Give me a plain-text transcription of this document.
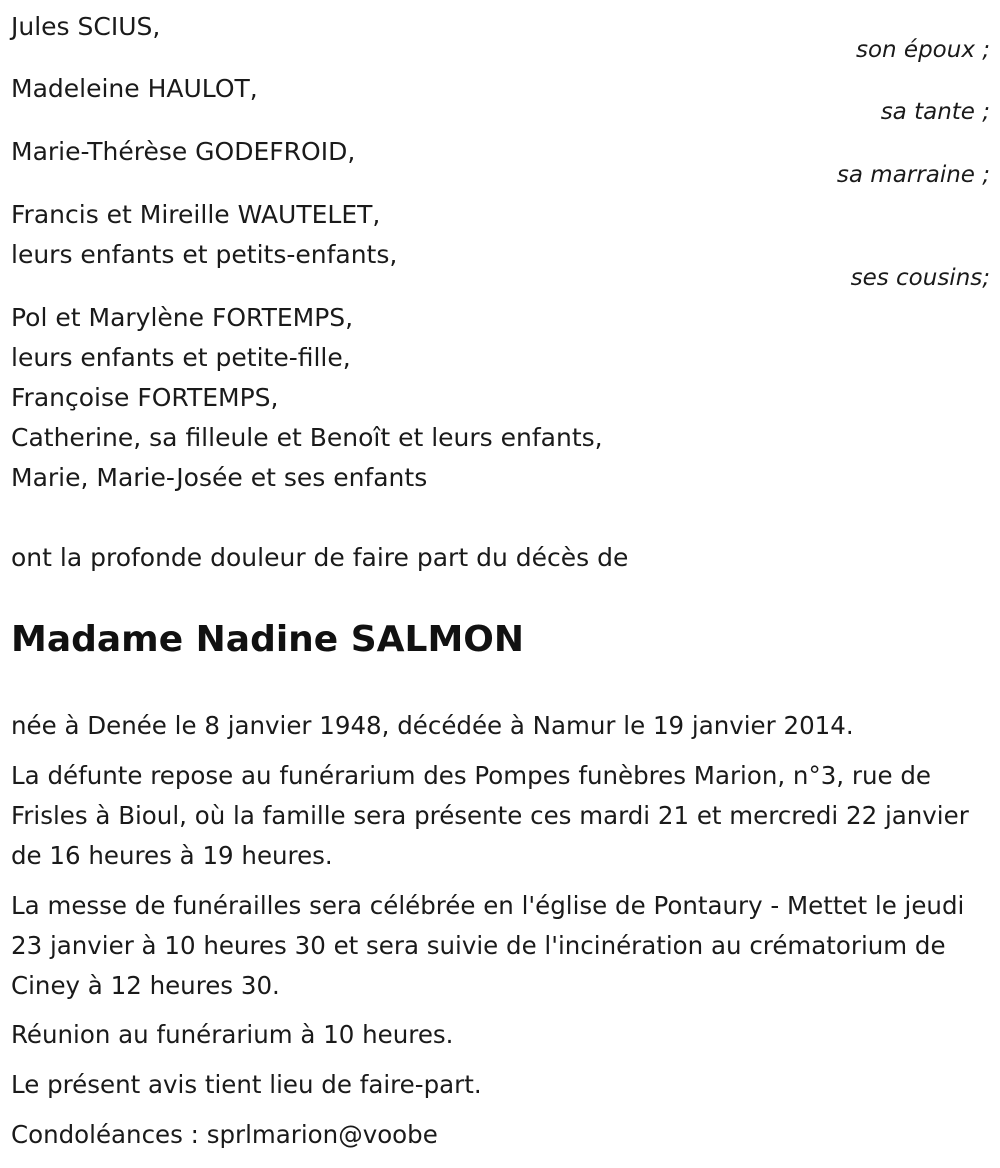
Jules SCIUS,
son époux ;
Madeleine HAULOT,
sa tante ;
Marie-Thérèse GODEFROID,
sa marraine ;
Francis et Mireille WAUTELET,
leurs enfants et petits-enfants,
ses cousins;
Pol et Marylène FORTEMPS,
leurs enfants et petite-fille,
Françoise FORTEMPS,
Catherine, sa filleule et Benoît et leurs enfants,
Marie, Marie-Josée et ses enfants
ont la profonde douleur de faire part du décès de
Madame Nadine SALMON
née à Denée le 8 janvier 1948, décédée à Namur le 19 janvier 2014.
La défunte repose au funérarium des Pompes funèbres Marion, n°3, rue de Frisles à Bioul, où la famille sera présente ces mardi 21 et mercredi 22 janvier de 16 heures à 19 heures.
La messe de funérailles sera célébrée en l'église de Pontaury - Mettet le jeudi 23 janvier à 10 heures 30 et sera suivie de l'incinération au crématorium de Ciney à 12 heures 30.
Réunion au funérarium à 10 heures.
Le présent avis tient lieu de faire-part.
Condoléances : sprlmarion@voobe
